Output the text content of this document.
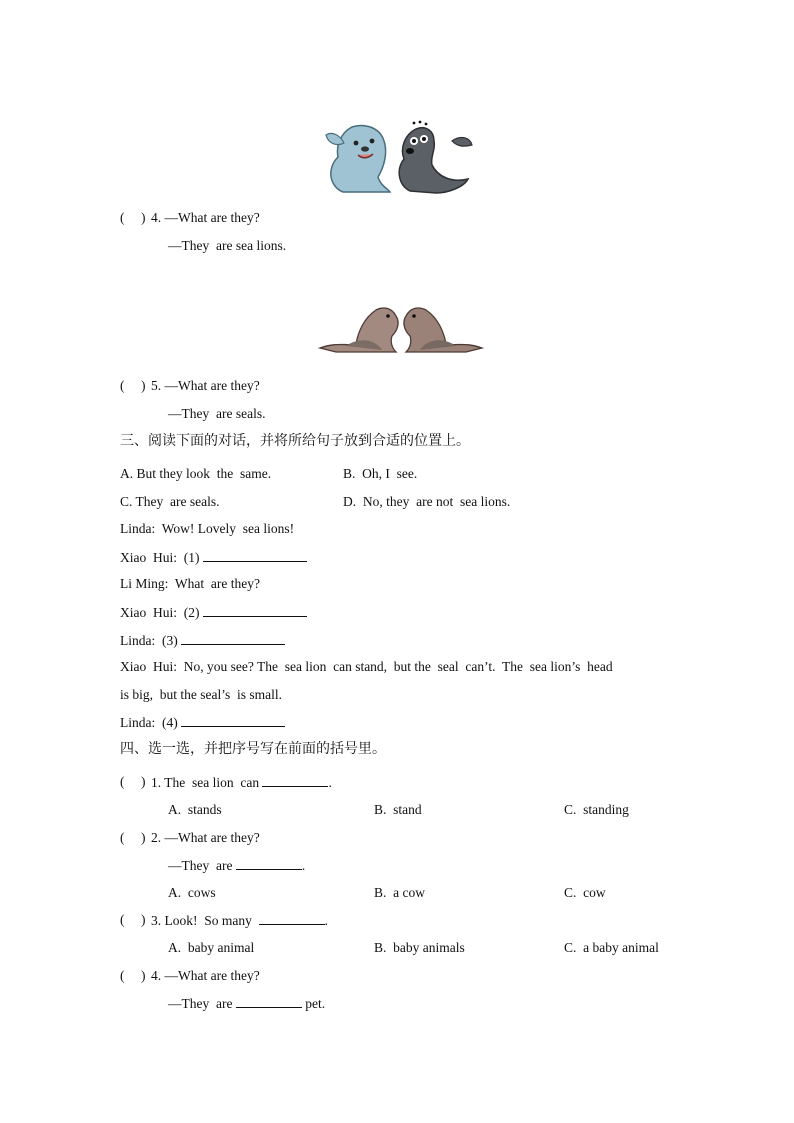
( ) 4. —What are they?
—They  are sea lions.
( ) 5. —What are they?
—They  are seals.
三、阅读下面的对话，并将所给句子放到合适的位置上。
A. But they look  the  same.	B.  Oh, I  see.
C. They  are seals.	D.  No, they  are not  sea lions.
Linda:  Wow! Lovely  sea lions!
Xiao  Hui:  (1)
Li Ming:  What  are they?
Xiao  Hui:  (2)
Linda:  (3)
Xiao  Hui:  No, you see? The  sea lion  can stand,  but the  seal  can’t.  The  sea lion’s  head
is big,  but the seal’s  is small.
Linda:  (4)
四、选一选，并把序号写在前面的括号里。
( ) 1. The  sea lion  can	.
A.  stands	B.  stand	C.  standing
( ) 2. —What are they?
—They  are	.
A.  cows	B.  a cow	C.  cow
( ) 3. Look!  So many	.
A.  baby animal	B.  baby animals	C.  a baby animal
( ) 4. —What are they?
—They  are	pet.
